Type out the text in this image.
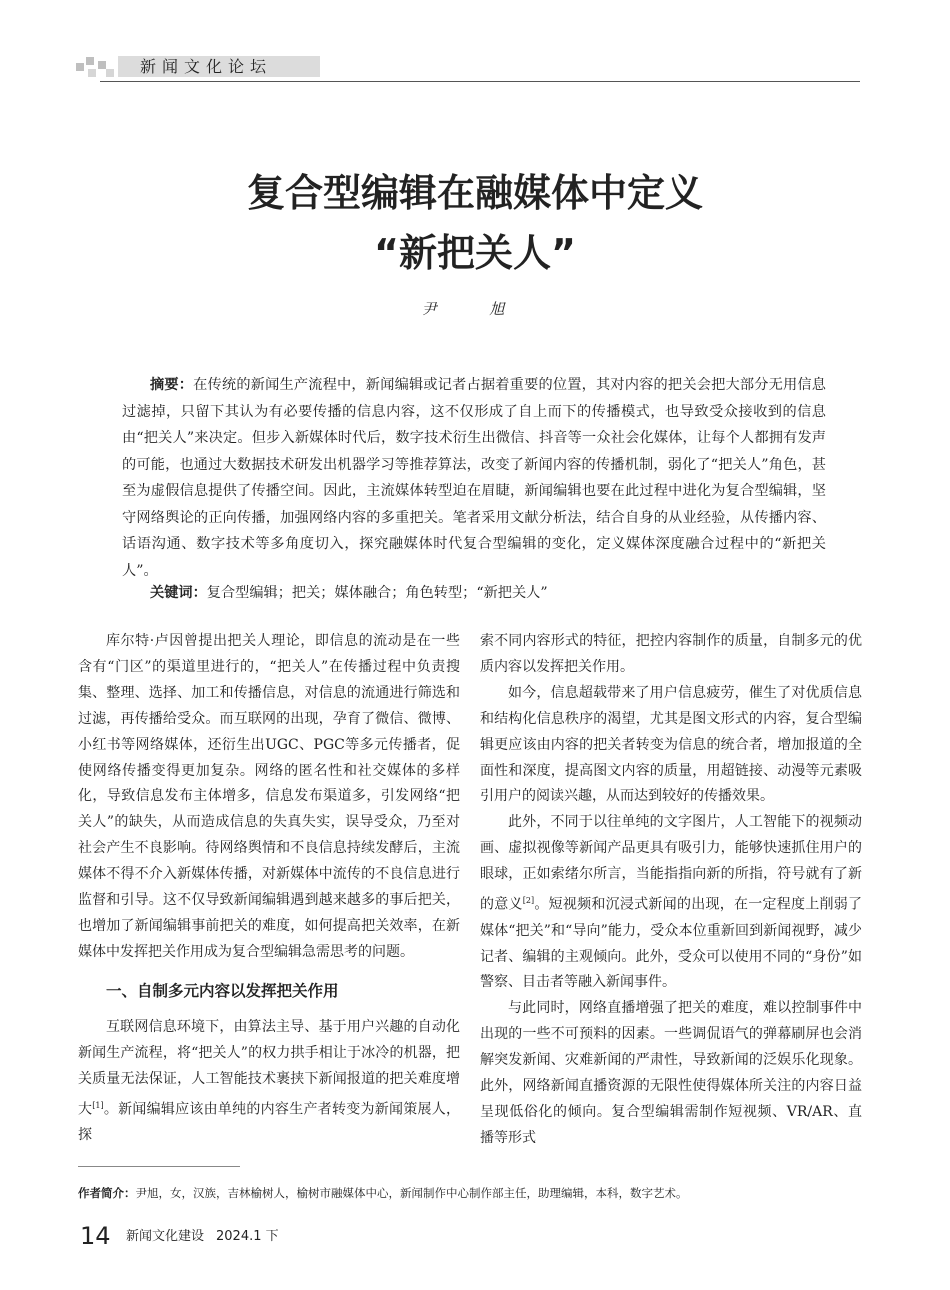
新闻文化论坛
复合型编辑在融媒体中定义
“新把关人”
尹 旭
摘要：在传统的新闻生产流程中，新闻编辑或记者占据着重要的位置，其对内容的把关会把大部分无用信息过滤掉，只留下其认为有必要传播的信息内容，这不仅形成了自上而下的传播模式，也导致受众接收到的信息由“把关人”来决定。但步入新媒体时代后，数字技术衍生出微信、抖音等一众社会化媒体，让每个人都拥有发声的可能，也通过大数据技术研发出机器学习等推荐算法，改变了新闻内容的传播机制，弱化了“把关人”角色，甚至为虚假信息提供了传播空间。因此，主流媒体转型迫在眉睫，新闻编辑也要在此过程中进化为复合型编辑，坚守网络舆论的正向传播，加强网络内容的多重把关。笔者采用文献分析法，结合自身的从业经验，从传播内容、话语沟通、数字技术等多角度切入，探究融媒体时代复合型编辑的变化，定义媒体深度融合过程中的“新把关人”。
关键词：复合型编辑；把关；媒体融合；角色转型；“新把关人”

库尔特·卢因曾提出把关人理论，即信息的流动是在一些含有“门区”的渠道里进行的，“把关人”在传播过程中负责搜集、整理、选择、加工和传播信息，对信息的流通进行筛选和过滤，再传播给受众。而互联网的出现，孕育了微信、微博、小红书等网络媒体，还衍生出UGC、PGC等多元传播者，促使网络传播变得更加复杂。网络的匿名性和社交媒体的多样化，导致信息发布主体增多，信息发布渠道多，引发网络“把关人”的缺失，从而造成信息的失真失实，误导受众，乃至对社会产生不良影响。待网络舆情和不良信息持续发酵后，主流媒体不得不介入新媒体传播，对新媒体中流传的不良信息进行监督和引导。这不仅导致新闻编辑遇到越来越多的事后把关，也增加了新闻编辑事前把关的难度，如何提高把关效率，在新媒体中发挥把关作用成为复合型编辑急需思考的问题。

一、自制多元内容以发挥把关作用

互联网信息环境下，由算法主导、基于用户兴趣的自动化新闻生产流程，将“把关人”的权力拱手相让于冰冷的机器，把关质量无法保证，人工智能技术裹挟下新闻报道的把关难度增大[1]。新闻编辑应该由单纯的内容生产者转变为新闻策展人，探

索不同内容形式的特征，把控内容制作的质量，自制多元的优质内容以发挥把关作用。

如今，信息超载带来了用户信息疲劳，催生了对优质信息和结构化信息秩序的渴望，尤其是图文形式的内容，复合型编辑更应该由内容的把关者转变为信息的统合者，增加报道的全面性和深度，提高图文内容的质量，用超链接、动漫等元素吸引用户的阅读兴趣，从而达到较好的传播效果。

此外，不同于以往单纯的文字图片，人工智能下的视频动画、虚拟视像等新闻产品更具有吸引力，能够快速抓住用户的眼球，正如索绪尔所言，当能指指向新的所指，符号就有了新的意义[2]。短视频和沉浸式新闻的出现，在一定程度上削弱了媒体“把关”和“导向”能力，受众本位重新回到新闻视野，减少记者、编辑的主观倾向。此外，受众可以使用不同的“身份”如警察、目击者等融入新闻事件。

与此同时，网络直播增强了把关的难度，难以控制事件中出现的一些不可预料的因素。一些调侃语气的弹幕刷屏也会消解突发新闻、灾难新闻的严肃性，导致新闻的泛娱乐化现象。此外，网络新闻直播资源的无限性使得媒体所关注的内容日益呈现低俗化的倾向。复合型编辑需制作短视频、VR/AR、直播等形式

作者简介：尹旭，女，汉族，吉林榆树人，榆树市融媒体中心，新闻制作中心制作部主任，助理编辑，本科，数字艺术。
14 新闻文化建设 2024.1 下
